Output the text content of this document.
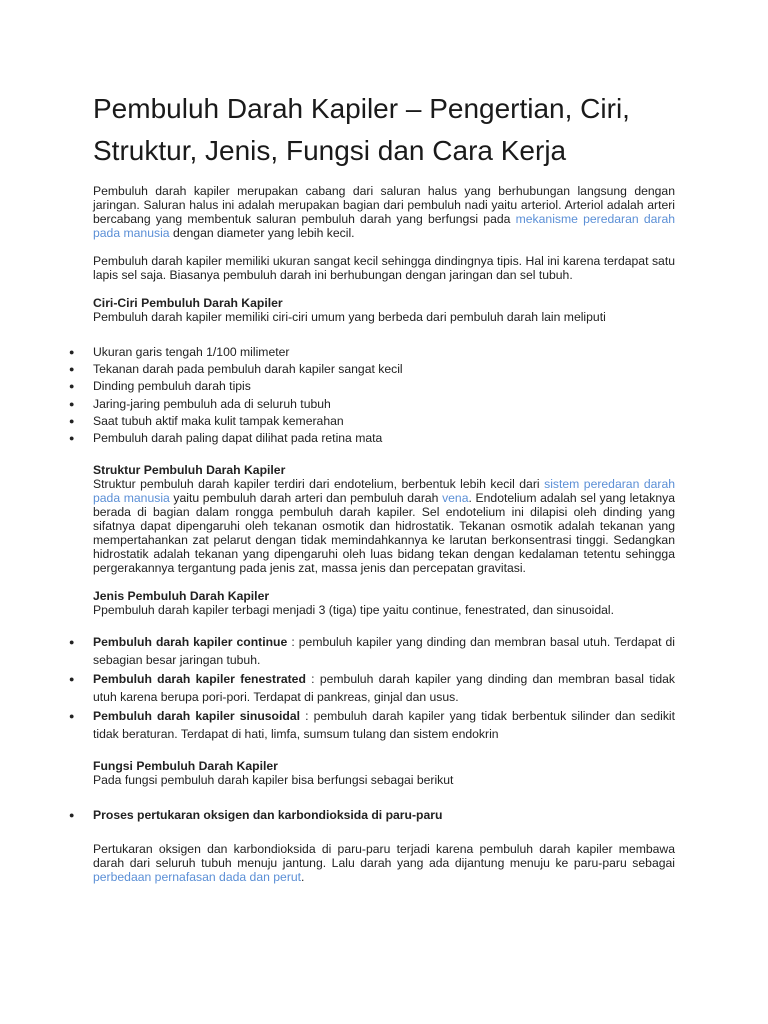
Pembuluh Darah Kapiler – Pengertian, Ciri, Struktur, Jenis, Fungsi dan Cara Kerja

Pembuluh darah kapiler merupakan cabang dari saluran halus yang berhubungan langsung dengan jaringan. Saluran halus ini adalah merupakan bagian dari pembuluh nadi yaitu arteriol. Arteriol adalah arteri bercabang yang membentuk saluran pembuluh darah yang berfungsi pada mekanisme peredaran darah pada manusia dengan diameter yang lebih kecil.

Pembuluh darah kapiler memiliki ukuran sangat kecil sehingga dindingnya tipis. Hal ini karena terdapat satu lapis sel saja. Biasanya pembuluh darah ini berhubungan dengan jaringan dan sel tubuh.

Ciri-Ciri Pembuluh Darah Kapiler

Pembuluh darah kapiler memiliki ciri-ciri umum yang berbeda dari pembuluh darah lain meliputi

● Ukuran garis tengah 1/100 milimeter
● Tekanan darah pada pembuluh darah kapiler sangat kecil
● Dinding pembuluh darah tipis
● Jaring-jaring pembuluh ada di seluruh tubuh
● Saat tubuh aktif maka kulit tampak kemerahan
● Pembuluh darah paling dapat dilihat pada retina mata
Struktur Pembuluh Darah Kapiler

Struktur pembuluh darah kapiler terdiri dari endotelium, berbentuk lebih kecil dari sistem peredaran darah pada manusia yaitu pembuluh darah arteri dan pembuluh darah vena. Endotelium adalah sel yang letaknya berada di bagian dalam rongga pembuluh darah kapiler. Sel endotelium ini dilapisi oleh dinding yang sifatnya dapat dipengaruhi oleh tekanan osmotik dan hidrostatik. Tekanan osmotik adalah tekanan yang mempertahankan zat pelarut dengan tidak memindahkannya ke larutan berkonsentrasi tinggi. Sedangkan hidrostatik adalah tekanan yang dipengaruhi oleh luas bidang tekan dengan kedalaman tetentu sehingga pergerakannya tergantung pada jenis zat, massa jenis dan percepatan gravitasi.

Jenis Pembuluh Darah Kapiler

Ppembuluh darah kapiler terbagi menjadi 3 (tiga) tipe yaitu continue, fenestrated, dan sinusoidal.

● Pembuluh darah kapiler continue : pembuluh kapiler yang dinding dan membran basal utuh. Terdapat di sebagian besar jaringan tubuh.
● Pembuluh darah kapiler fenestrated : pembuluh darah kapiler yang dinding dan membran basal tidak utuh karena berupa pori-pori. Terdapat di pankreas, ginjal dan usus.
● Pembuluh darah kapiler sinusoidal : pembuluh darah kapiler yang tidak berbentuk silinder dan sedikit tidak beraturan. Terdapat di hati, limfa, sumsum tulang dan sistem endokrin
Fungsi Pembuluh Darah Kapiler

Pada fungsi pembuluh darah kapiler bisa berfungsi sebagai berikut

● Proses pertukaran oksigen dan karbondioksida di paru-paru

Pertukaran oksigen dan karbondioksida di paru-paru terjadi karena pembuluh darah kapiler membawa darah dari seluruh tubuh menuju jantung. Lalu darah yang ada dijantung menuju ke paru-paru sebagai perbedaan pernafasan dada dan perut.
